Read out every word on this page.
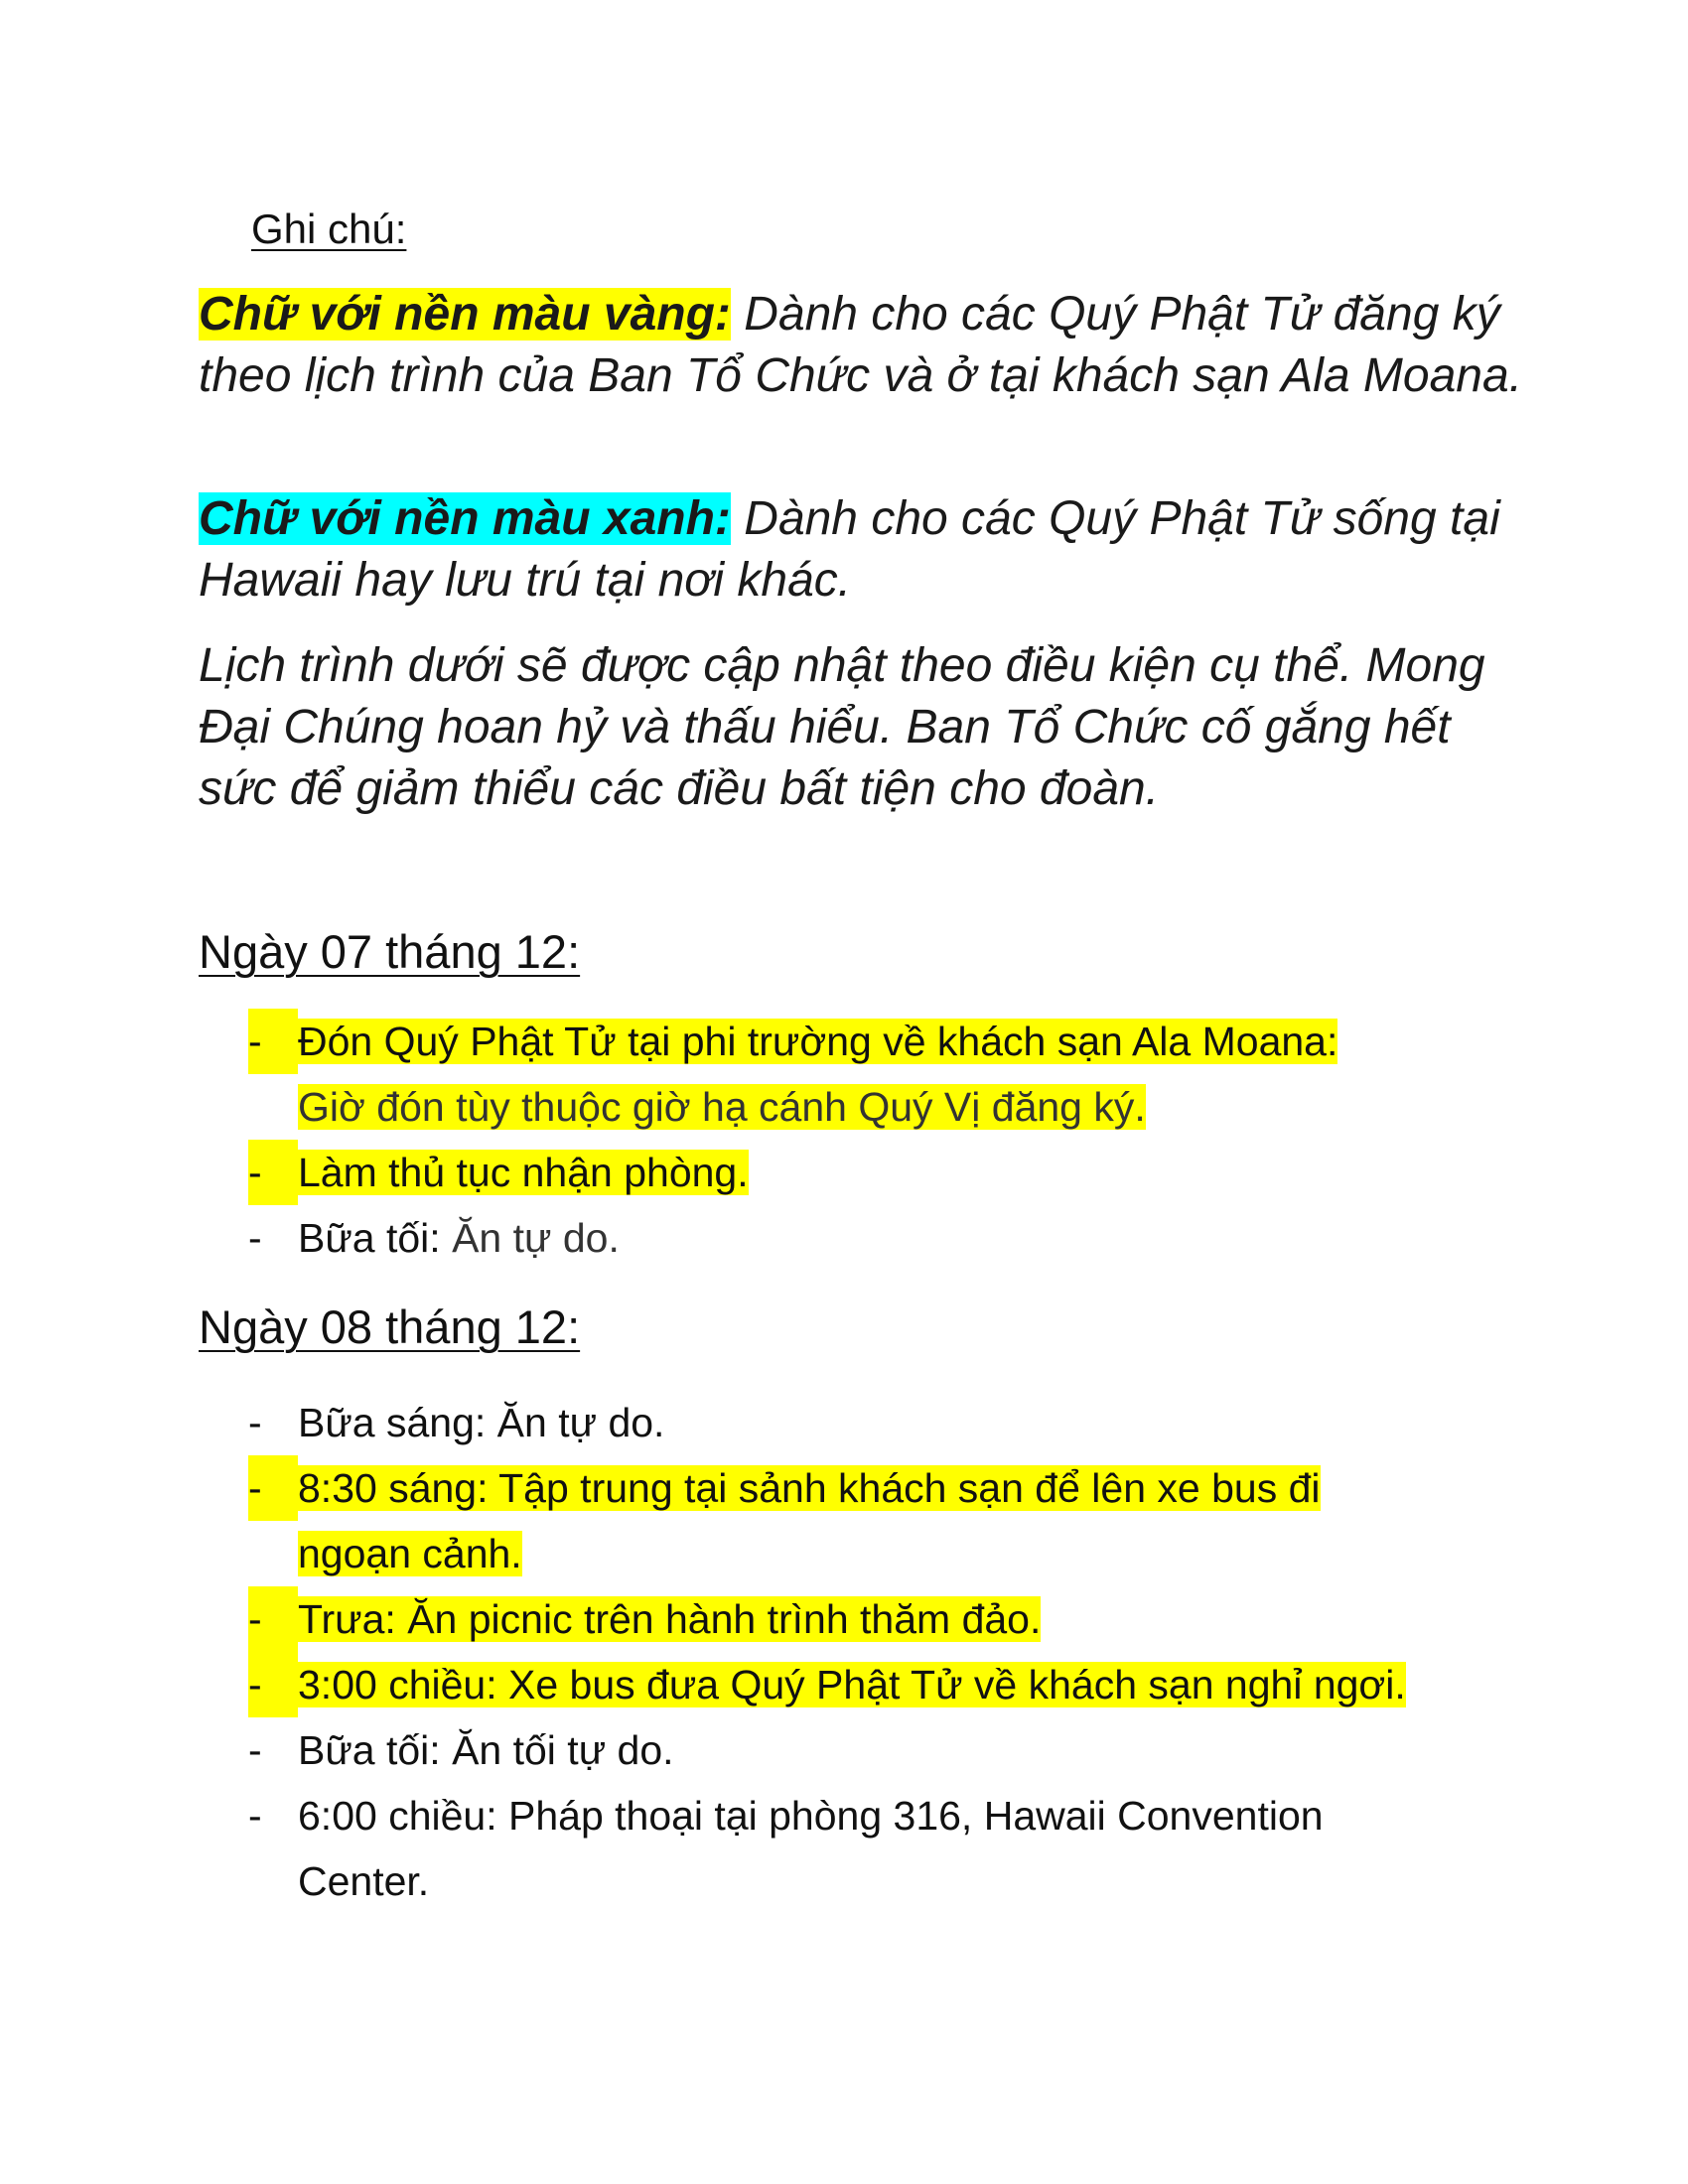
Ghi chú:

Chữ với nền màu vàng: Dành cho các Quý Phật Tử đăng ký theo lịch trình của Ban Tổ Chức và ở tại khách sạn Ala Moana.

Chữ với nền màu xanh: Dành cho các Quý Phật Tử sống tại Hawaii hay lưu trú tại nơi khác.

Lịch trình dưới sẽ được cập nhật theo điều kiện cụ thể. Mong Đại Chúng hoan hỷ và thấu hiểu. Ban Tổ Chức cố gắng hết sức để giảm thiểu các điều bất tiện cho đoàn.

Ngày 07 tháng 12:
- Đón Quý Phật Tử tại phi trường về khách sạn Ala Moana:
Giờ đón tùy thuộc giờ hạ cánh Quý Vị đăng ký.
- Làm thủ tục nhận phòng.
- Bữa tối: Ăn tự do.
Ngày 08 tháng 12:
- Bữa sáng: Ăn tự do.
- 8:30 sáng: Tập trung tại sảnh khách sạn để lên xe bus đi
ngoạn cảnh.
- Trưa: Ăn picnic trên hành trình thăm đảo.
- 3:00 chiều: Xe bus đưa Quý Phật Tử về khách sạn nghỉ ngơi.
- Bữa tối: Ăn tối tự do.
- 6:00 chiều: Pháp thoại tại phòng 316, Hawaii Convention
Center.
